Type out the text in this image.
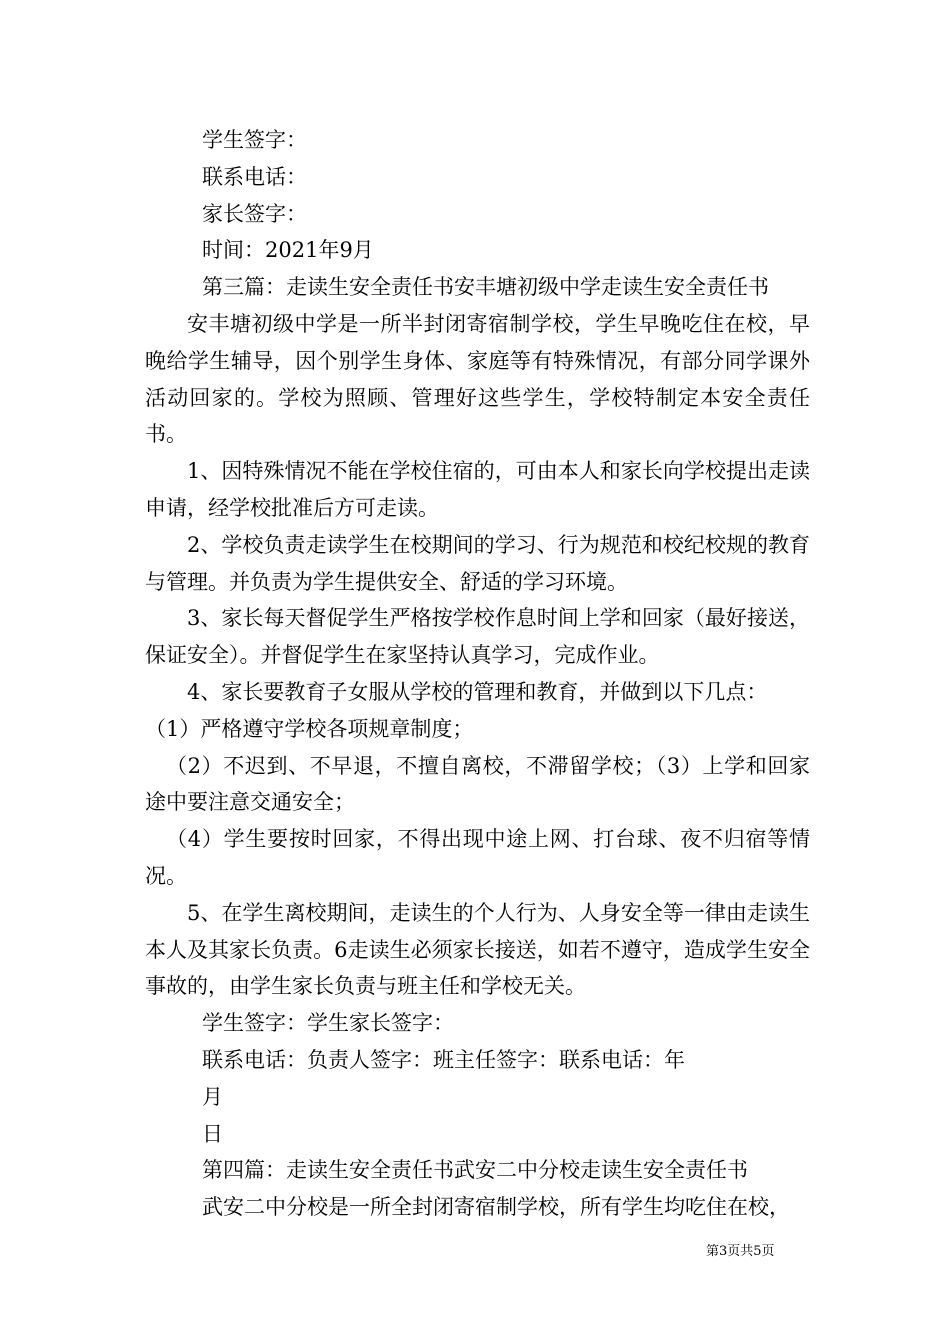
学生签字：
联系电话：
家长签字：
时间：2021年9月
第三篇：走读生安全责任书安丰塘初级中学走读生安全责任书

安丰塘初级中学是一所半封闭寄宿制学校，学生早晚吃住在校，早晚给学生辅导，因个别学生身体、家庭等有特殊情况，有部分同学课外活动回家的。学校为照顾、管理好这些学生，学校特制定本安全责任书。

1、因特殊情况不能在学校住宿的，可由本人和家长向学校提出走读申请，经学校批准后方可走读。

2、学校负责走读学生在校期间的学习、行为规范和校纪校规的教育与管理。并负责为学生提供安全、舒适的学习环境。

3、家长每天督促学生严格按学校作息时间上学和回家（最好接送，保证安全）。并督促学生在家坚持认真学习，完成作业。

4、家长要教育子女服从学校的管理和教育，并做到以下几点：

（1）严格遵守学校各项规章制度；

（2）不迟到、不早退，不擅自离校，不滞留学校；（3）上学和回家途中要注意交通安全；

（4）学生要按时回家，不得出现中途上网、打台球、夜不归宿等情况。

5、在学生离校期间，走读生的个人行为、人身安全等一律由走读生本人及其家长负责。6走读生必须家长接送，如若不遵守，造成学生安全事故的，由学生家长负责与班主任和学校无关。

学生签字：学生家长签字：
联系电话：负责人签字：班主任签字：联系电话：年
月
日
第四篇：走读生安全责任书武安二中分校走读生安全责任书
武安二中分校是一所全封闭寄宿制学校，所有学生均吃住在校，
第3页共5页
